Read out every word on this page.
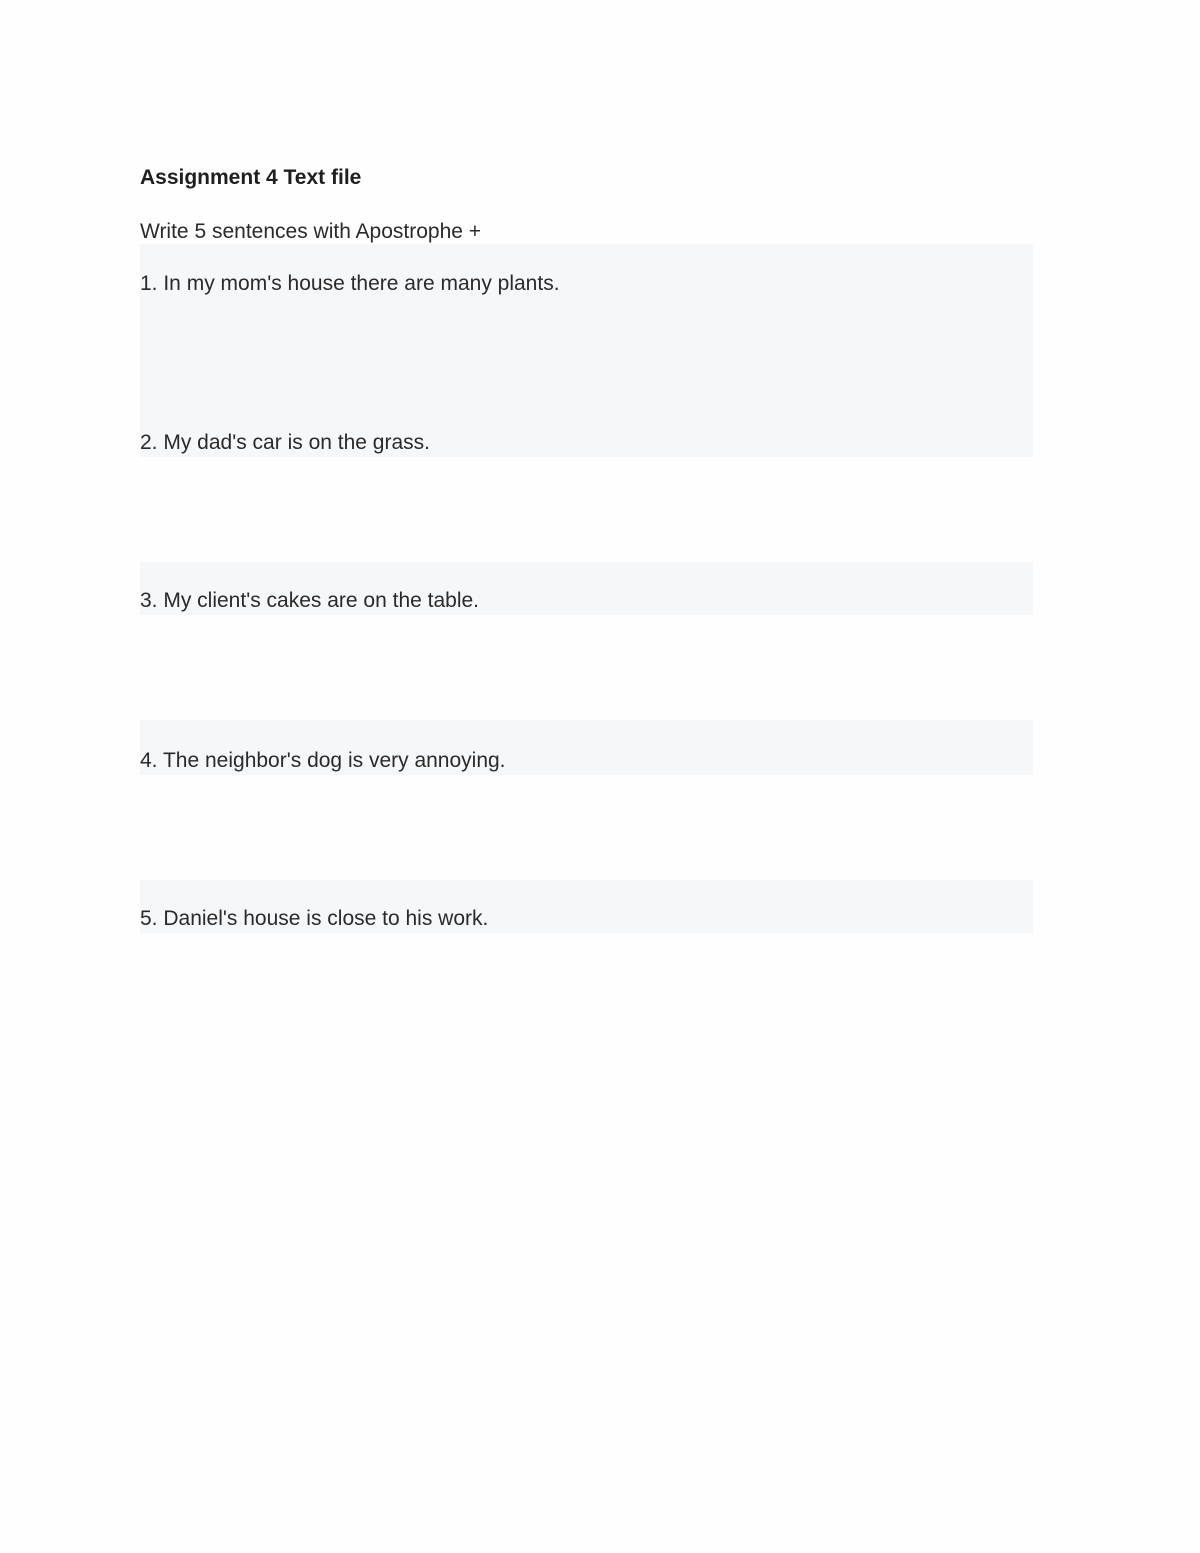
Assignment 4 Text file
Write 5 sentences with Apostrophe +
1. In my mom's house there are many plants.
2. My dad's car is on the grass.
3. My client's cakes are on the table.
4. The neighbor's dog is very annoying.
5. Daniel's house is close to his work.
